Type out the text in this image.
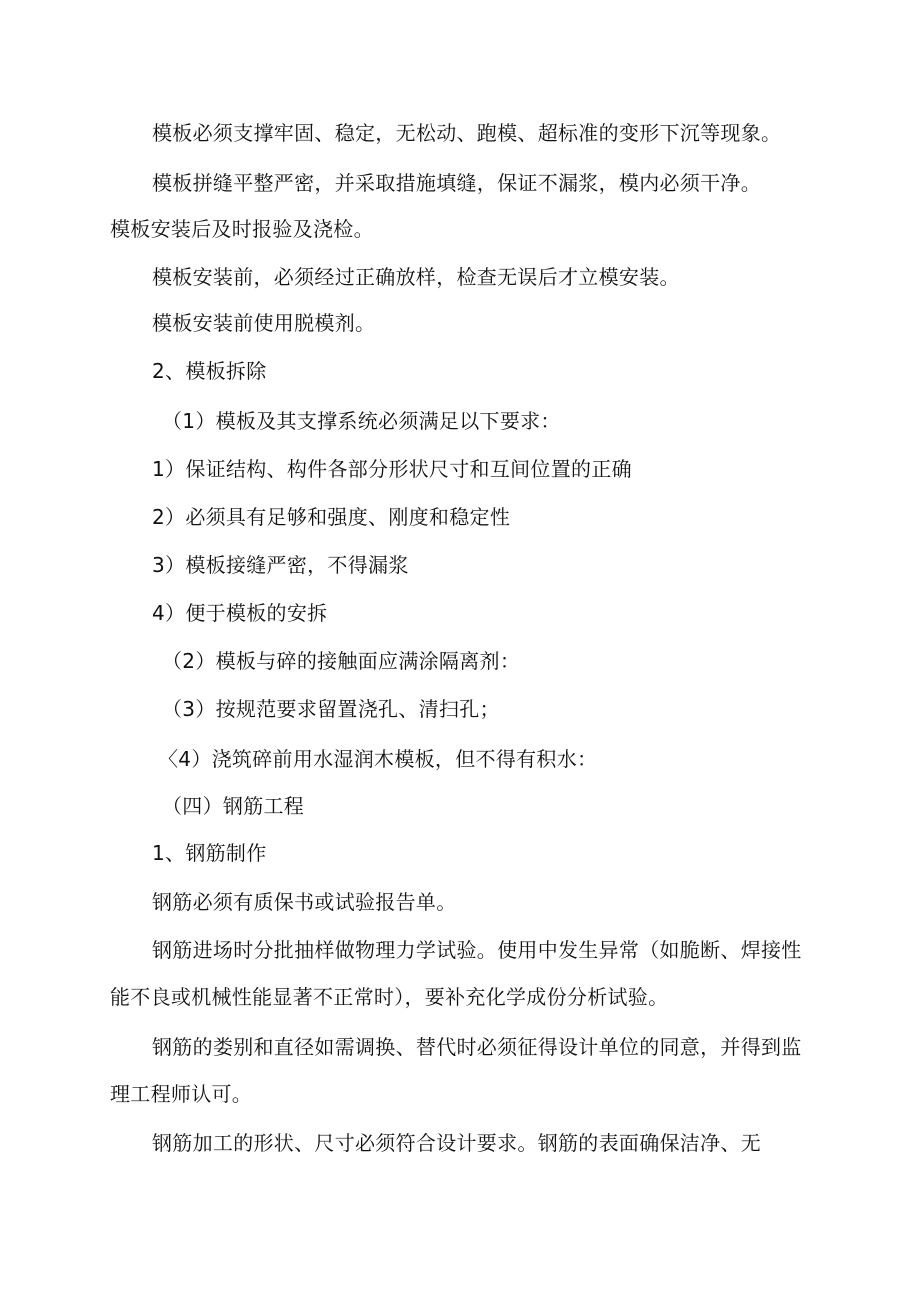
模板必须支撑牢固、稳定，无松动、跑模、超标准的变形下沉等现象。
模板拼缝平整严密，并采取措施填缝，保证不漏浆，模内必须干净。
模板安装后及时报验及浇检。
模板安装前，必须经过正确放样，检查无误后才立模安装。
模板安装前使用脱模剂。
2、模板拆除
（1）模板及其支撑系统必须满足以下要求：
1）保证结构、构件各部分形状尺寸和互间位置的正确
2）必须具有足够和强度、刚度和稳定性
3）模板接缝严密，不得漏浆
4）便于模板的安拆
（2）模板与碎的接触面应满涂隔离剂：
（3）按规范要求留置浇孔、清扫孔；
〈4）浇筑碎前用水湿润木模板，但不得有积水：
（四）钢筋工程
1、钢筋制作
钢筋必须有质保书或试验报告单。
钢筋进场时分批抽样做物理力学试验。使用中发生异常（如脆断、焊接性
能不良或机械性能显著不正常时），要补充化学成份分析试验。
钢筋的娄别和直径如需调换、替代时必须征得设计单位的同意，并得到监
理工程师认可。
钢筋加工的形状、尺寸必须符合设计要求。钢筋的表面确保洁净、无
